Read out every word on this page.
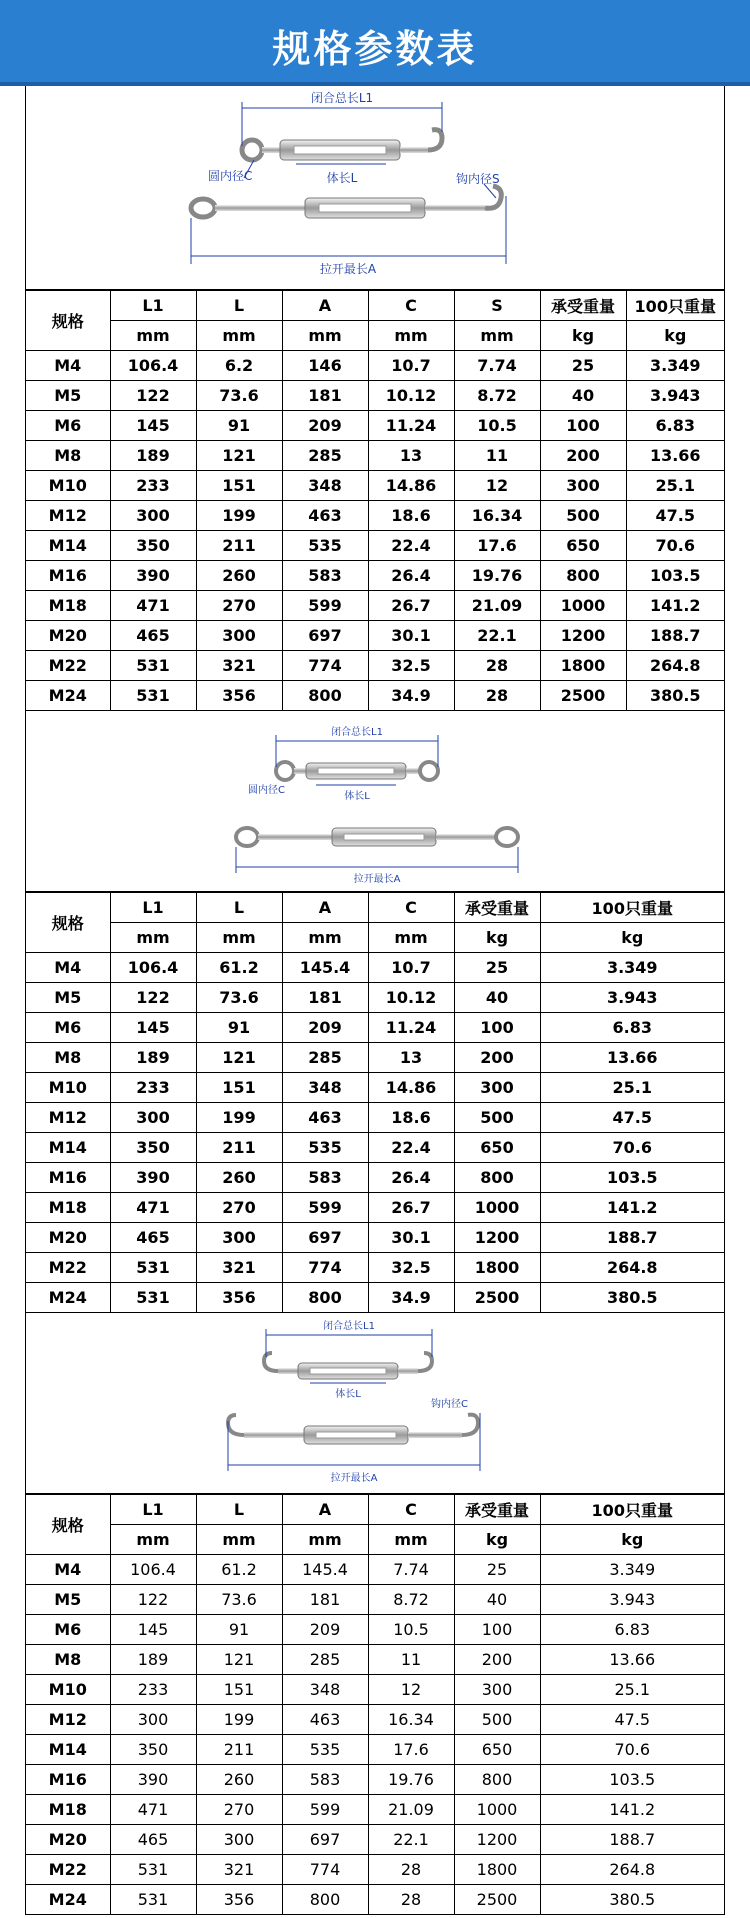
规格参数表
闭合总长L1
圆内径C	体长L	钩内径S
拉开最长A
规格	L1	L	A	C	S	承受重量	100只重量
	mm	mm	mm	mm	mm	kg	kg
M4	106.4	6.2	146	10.7	7.74	25	3.349
M5	122	73.6	181	10.12	8.72	40	3.943
M6	145	91	209	11.24	10.5	100	6.83
M8	189	121	285	13	11	200	13.66
M10	233	151	348	14.86	12	300	25.1
M12	300	199	463	18.6	16.34	500	47.5
M14	350	211	535	22.4	17.6	650	70.6
M16	390	260	583	26.4	19.76	800	103.5
M18	471	270	599	26.7	21.09	1000	141.2
M20	465	300	697	30.1	22.1	1200	188.7
M22	531	321	774	32.5	28	1800	264.8
M24	531	356	800	34.9	28	2500	380.5
闭合总长L1
圆内径C
体长L
拉开最长A
规格	L1	L	A	C	承受重量	100只重量
	mm	mm	mm	mm	kg	kg
M4	106.4	61.2	145.4	10.7	25	3.349
M5	122	73.6	181	10.12	40	3.943
M6	145	91	209	11.24	100	6.83
M8	189	121	285	13	200	13.66
M10	233	151	348	14.86	300	25.1
M12	300	199	463	18.6	500	47.5
M14	350	211	535	22.4	650	70.6
M16	390	260	583	26.4	800	103.5
M18	471	270	599	26.7	1000	141.2
M20	465	300	697	30.1	1200	188.7
M22	531	321	774	32.5	1800	264.8
M24	531	356	800	34.9	2500	380.5
闭合总长L1
体长L
钩内径C
拉开最长A
规格	L1	L	A	C	承受重量	100只重量
	mm	mm	mm	mm	kg	kg
M4	106.4	61.2	145.4	7.74	25	3.349
M5	122	73.6	181	8.72	40	3.943
M6	145	91	209	10.5	100	6.83
M8	189	121	285	11	200	13.66
M10	233	151	348	12	300	25.1
M12	300	199	463	16.34	500	47.5
M14	350	211	535	17.6	650	70.6
M16	390	260	583	19.76	800	103.5
M18	471	270	599	21.09	1000	141.2
M20	465	300	697	22.1	1200	188.7
M22	531	321	774	28	1800	264.8
M24	531	356	800	28	2500	380.5
